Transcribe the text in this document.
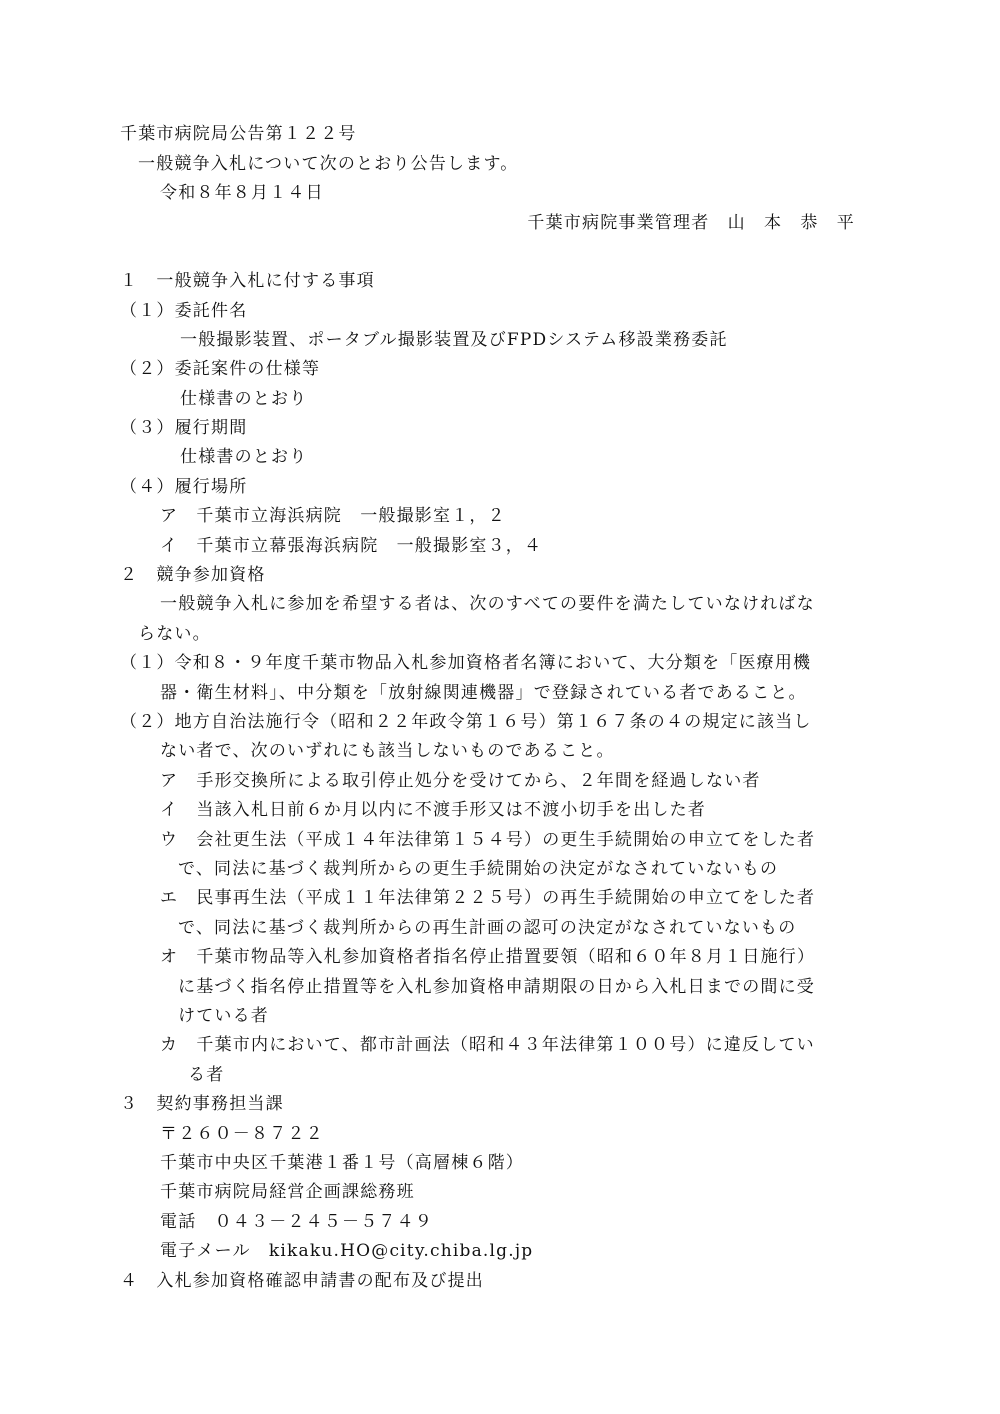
千葉市病院局公告第１２２号
一般競争入札について次のとおり公告します。
令和８年８月１４日
千葉市病院事業管理者　山　本　恭　平
１　一般競争入札に付する事項
（１）委託件名
一般撮影装置、ポータブル撮影装置及びFPDシステム移設業務委託
（２）委託案件の仕様等
仕様書のとおり
（３）履行期間
仕様書のとおり
（４）履行場所
ア　千葉市立海浜病院　一般撮影室１，２
イ　千葉市立幕張海浜病院　一般撮影室３，４
２　競争参加資格
一般競争入札に参加を希望する者は、次のすべての要件を満たしていなければな
らない。
（１）令和８・９年度千葉市物品入札参加資格者名簿において、大分類を「医療用機
器・衛生材料」、中分類を「放射線関連機器」で登録されている者であること。
（２）地方自治法施行令（昭和２２年政令第１６号）第１６７条の４の規定に該当し
ない者で、次のいずれにも該当しないものであること。
ア　手形交換所による取引停止処分を受けてから、２年間を経過しない者
イ　当該入札日前６か月以内に不渡手形又は不渡小切手を出した者
ウ　会社更生法（平成１４年法律第１５４号）の更生手続開始の申立てをした者
で、同法に基づく裁判所からの更生手続開始の決定がなされていないもの
エ　民事再生法（平成１１年法律第２２５号）の再生手続開始の申立てをした者
で、同法に基づく裁判所からの再生計画の認可の決定がなされていないもの
オ　千葉市物品等入札参加資格者指名停止措置要領（昭和６０年８月１日施行）
に基づく指名停止措置等を入札参加資格申請期限の日から入札日までの間に受
けている者
カ　千葉市内において、都市計画法（昭和４３年法律第１００号）に違反してい
る者
３　契約事務担当課
〒２６０－８７２２
千葉市中央区千葉港１番１号（高層棟６階）
千葉市病院局経営企画課総務班
電話　０４３－２４５－５７４９
電子メール　kikaku.HO@city.chiba.lg.jp
４　入札参加資格確認申請書の配布及び提出
